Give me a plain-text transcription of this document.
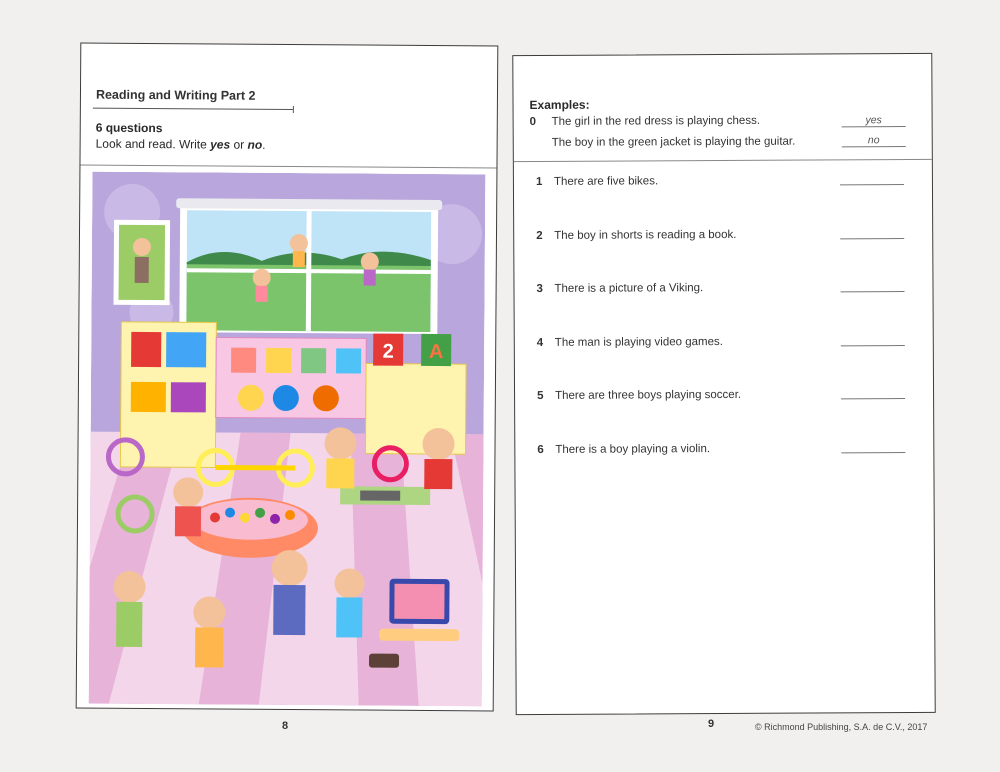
Reading and Writing Part 2
6 questions
Look and read. Write yes or no.
2 A
8
Examples:
0 The girl in the red dress is playing chess.	yes
The boy in the green jacket is playing the guitar.	no
1 There are five bikes.
2 The boy in shorts is reading a book.
3 There is a picture of a Viking.
4 The man is playing video games.
5 There are three boys playing soccer.
6 There is a boy playing a violin.
9	© Richmond Publishing, S.A. de C.V., 2017
